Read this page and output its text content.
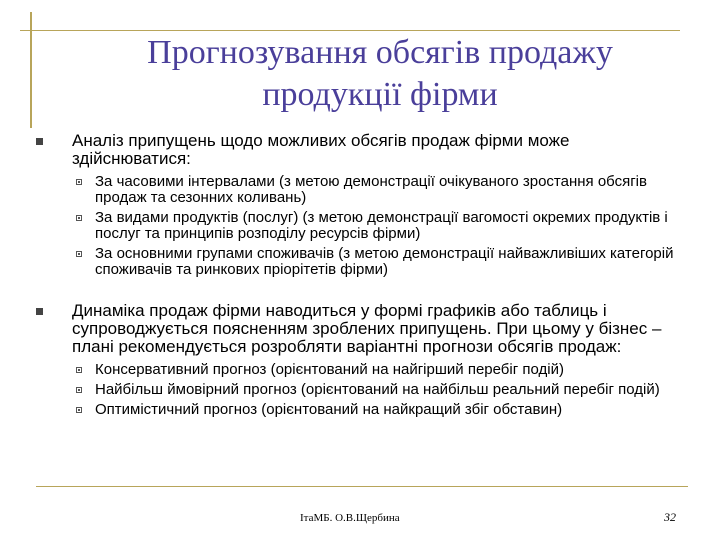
Прогнозування обсягів продажу
продукції фірми
Аналіз припущень щодо можливих обсягів продаж фірми може здійснюватися:
За часовими інтервалами (з метою демонстрації очікуваного зростання обсягів продаж та сезонних коливань)
За видами продуктів (послуг) (з метою демонстрації вагомості окремих продуктів і послуг та принципів розподілу ресурсів фірми)
За основними групами споживачів (з метою демонстрації найважливіших категорій споживачів та ринкових пріорітетів фірми)
Динаміка продаж фірми наводиться у формі графиків або таблиць і супроводжується поясненням зроблених припущень. При цьому у бізнес – плані рекомендується розробляти варіантні прогнози обсягів продаж:
Консервативний прогноз (орієнтований на найгірший перебіг подій)
Найбільш ймовірний прогноз (орієнтований на найбільш реальний перебіг подій)
Оптимістичний прогноз (орієнтований на найкращий збіг обставин)
ІтаМБ. О.В.Щербина	32
